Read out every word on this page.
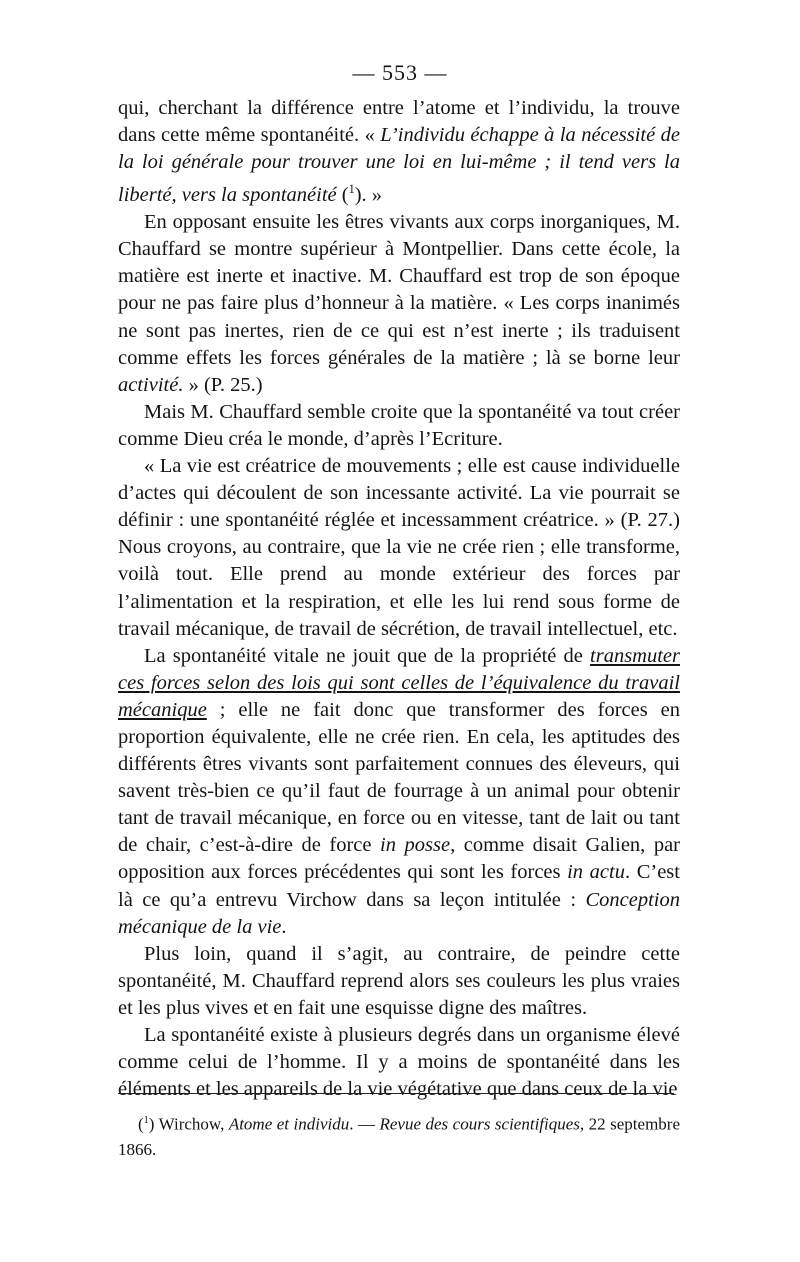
— 553 —

qui, cherchant la différence entre l’atome et l’individu, la trouve dans cette même spontanéité. « L’individu échappe à la nécessité de la loi générale pour trouver une loi en lui-même ; il tend vers la liberté, vers la spontanéité ($^1$). »

En opposant ensuite les êtres vivants aux corps inorganiques, M. Chauffard se montre supérieur à Montpellier. Dans cette école, la matière est inerte et inactive. M. Chauffard est trop de son époque pour ne pas faire plus d’honneur à la matière. « Les corps inanimés ne sont pas inertes, rien de ce qui est n’est inerte ; ils traduisent comme effets les forces générales de la matière ; là se borne leur activité. » (P. 25.)

Mais M. Chauffard semble croite que la spontanéité va tout créer comme Dieu créa le monde, d’après l’Ecriture.

« La vie est créatrice de mouvements ; elle est cause individuelle d’actes qui découlent de son incessante activité. La vie pourrait se définir : une spontanéité réglée et incessamment créatrice. » (P. 27.) Nous croyons, au contraire, que la vie ne crée rien ; elle transforme, voilà tout. Elle prend au monde extérieur des forces par l’alimentation et la respiration, et elle les lui rend sous forme de travail mécanique, de travail de sécrétion, de travail intellectuel, etc.

La spontanéité vitale ne jouit que de la propriété de transmuter ces forces selon des lois qui sont celles de l’équivalence du travail mécanique ; elle ne fait donc que transformer des forces en proportion équivalente, elle ne crée rien. En cela, les aptitudes des différents êtres vivants sont parfaitement connues des éleveurs, qui savent très-bien ce qu’il faut de fourrage à un animal pour obtenir tant de travail mécanique, en force ou en vitesse, tant de lait ou tant de chair, c’est-à-dire de force in posse, comme disait Galien, par opposition aux forces précédentes qui sont les forces in actu. C’est là ce qu’a entrevu Virchow dans sa leçon intitulée : Conception mécanique de la vie.

Plus loin, quand il s’agit, au contraire, de peindre cette spontanéité, M. Chauffard reprend alors ses couleurs les plus vraies et les plus vives et en fait une esquisse digne des maîtres.

La spontanéité existe à plusieurs degrés dans un organisme élevé comme celui de l’homme. Il y a moins de spontanéité dans les éléments et les appareils de la vie végétative que dans ceux de la vie

($^1$) Wirchow, Atome et individu. — Revue des cours scientifiques, 22 septembre 1866.
